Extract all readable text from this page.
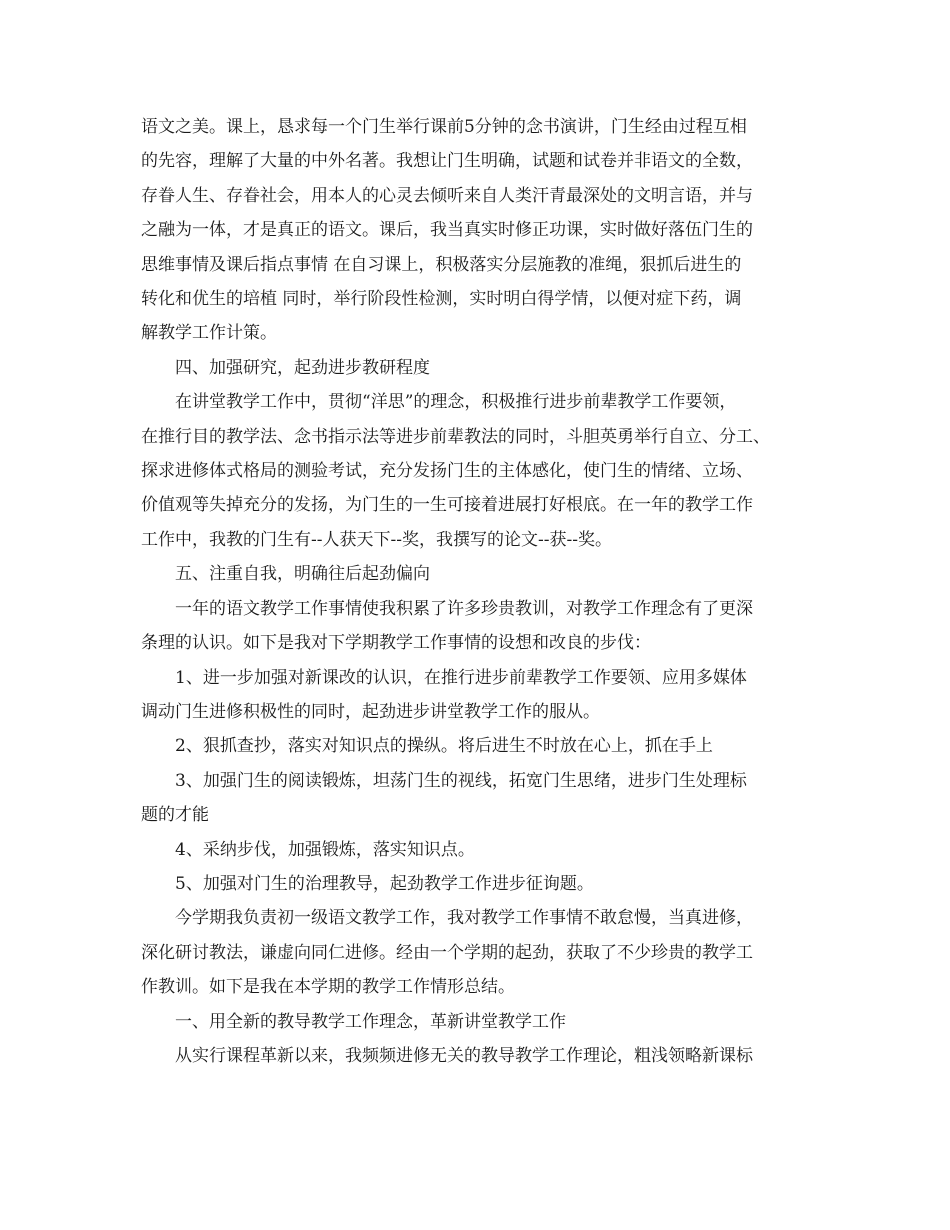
语文之美。课上，恳求每一个门生举行课前5分钟的念书演讲，门生经由过程互相

的先容，理解了大量的中外名著。我想让门生明确，试题和试卷并非语文的全数，

存眷人生、存眷社会，用本人的心灵去倾听来自人类汗青最深处的文明言语，并与

之融为一体，才是真正的语文。课后，我当真实时修正功课，实时做好落伍门生的

思维事情及课后指点事情 在自习课上，积极落实分层施教的准绳，狠抓后进生的

转化和优生的培植 同时，举行阶段性检测，实时明白得学情，以便对症下药，调

解教学工作计策。

四、加强研究，起劲进步教研程度

在讲堂教学工作中，贯彻“洋思”的理念，积极推行进步前辈教学工作要领，

在推行目的教学法、念书指示法等进步前辈教法的同时，斗胆英勇举行自立、分工、

探求进修体式格局的测验考试，充分发扬门生的主体感化，使门生的情绪、立场、

价值观等失掉充分的发扬，为门生的一生可接着进展打好根底。在一年的教学工作

工作中，我教的门生有--人获天下--奖，我撰写的论文--获--奖。

五、注重自我，明确往后起劲偏向

一年的语文教学工作事情使我积累了许多珍贵教训，对教学工作理念有了更深

条理的认识。如下是我对下学期教学工作事情的设想和改良的步伐：

1、进一步加强对新课改的认识，在推行进步前辈教学工作要领、应用多媒体

调动门生进修积极性的同时，起劲进步讲堂教学工作的服从。

2、狠抓查抄，落实对知识点的操纵。将后进生不时放在心上，抓在手上

3、加强门生的阅读锻炼，坦荡门生的视线，拓宽门生思绪，进步门生处理标

题的才能

4、采纳步伐，加强锻炼，落实知识点。

5、加强对门生的治理教导，起劲教学工作进步征询题。

今学期我负责初一级语文教学工作，我对教学工作事情不敢怠慢，当真进修，

深化研讨教法，谦虚向同仁进修。经由一个学期的起劲，获取了不少珍贵的教学工

作教训。如下是我在本学期的教学工作情形总结。

一、用全新的教导教学工作理念，革新讲堂教学工作

从实行课程革新以来，我频频进修无关的教导教学工作理论，粗浅领略新课标
